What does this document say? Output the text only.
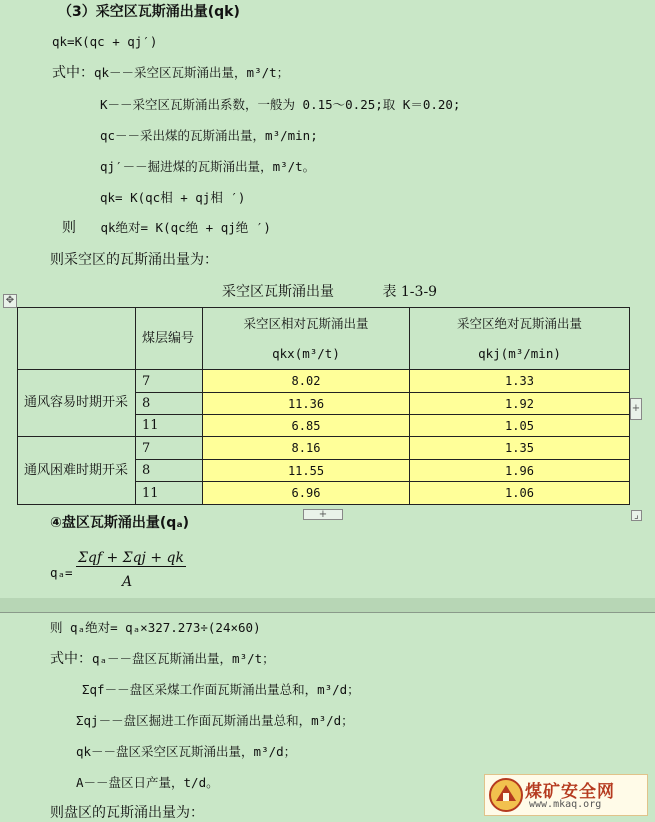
（3）采空区瓦斯涌出量(qk)
qk=K(qc + qj′)
式中：qk－－采空区瓦斯涌出量，m³/t；
K－－采空区瓦斯涌出系数，一般为 0.15～0.25;取 K＝0.20;
qc－－采出煤的瓦斯涌出量，m³/min;
qj′－－掘进煤的瓦斯涌出量，m³/t。
qk= K(qc相 + qj相 ′)
则 qk绝对= K(qc绝 + qj绝 ′)
则采空区的瓦斯涌出量为：
采空区瓦斯涌出量	表 1-3-9
✥
	煤层编号	采空区相对瓦斯涌出量 qkx(m³/t)	采空区绝对瓦斯涌出量 qkj(m³/min)
通风容易时期开采	7	8.02	1.33
	8	11.36	1.92
	11	6.85	1.05
通风困难时期开采	7	8.16	1.35
	8	11.55	1.96
	11	6.96	1.06
+
+	⌟
④盘区瓦斯涌出量(qₐ)
qₐ=
Σqf + Σqj + qk
A
则 qₐ绝对= qₐ×327.273÷(24×60)
式中：qₐ－－盘区瓦斯涌出量，m³/t；
Σqf－－盘区采煤工作面瓦斯涌出量总和，m³/d；
Σqj－－盘区掘进工作面瓦斯涌出量总和，m³/d；
qk－－盘区采空区瓦斯涌出量，m³/d；
A－－盘区日产量，t/d。
则盘区的瓦斯涌出量为：
煤矿安全网
www.mkaq.org
